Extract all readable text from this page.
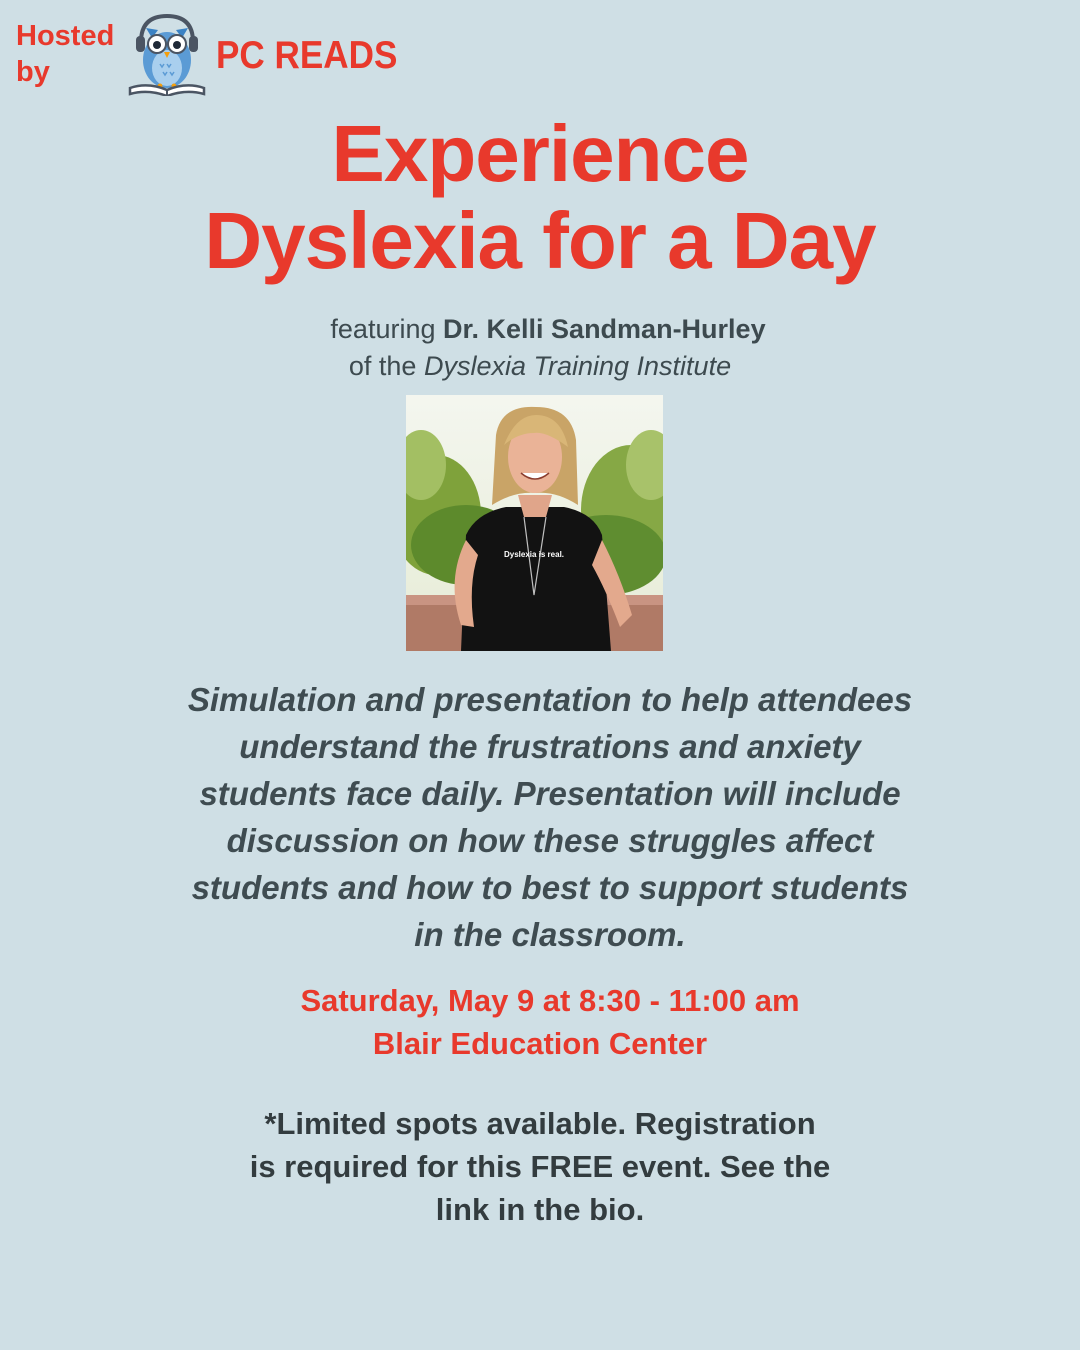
Hosted
by	PC READS
Experience
Dyslexia for a Day
featuring Dr. Kelli Sandman-Hurley
of the Dyslexia Training Institute
Dyslexia is real.
Simulation and presentation to help attendees
understand the frustrations and anxiety
students face daily. Presentation will include
discussion on how these struggles affect
students and how to best to support students
in the classroom.
Saturday, May 9 at 8:30 - 11:00 am
Blair Education Center
*Limited spots available. Registration
is required for this FREE event. See the
link in the bio.
